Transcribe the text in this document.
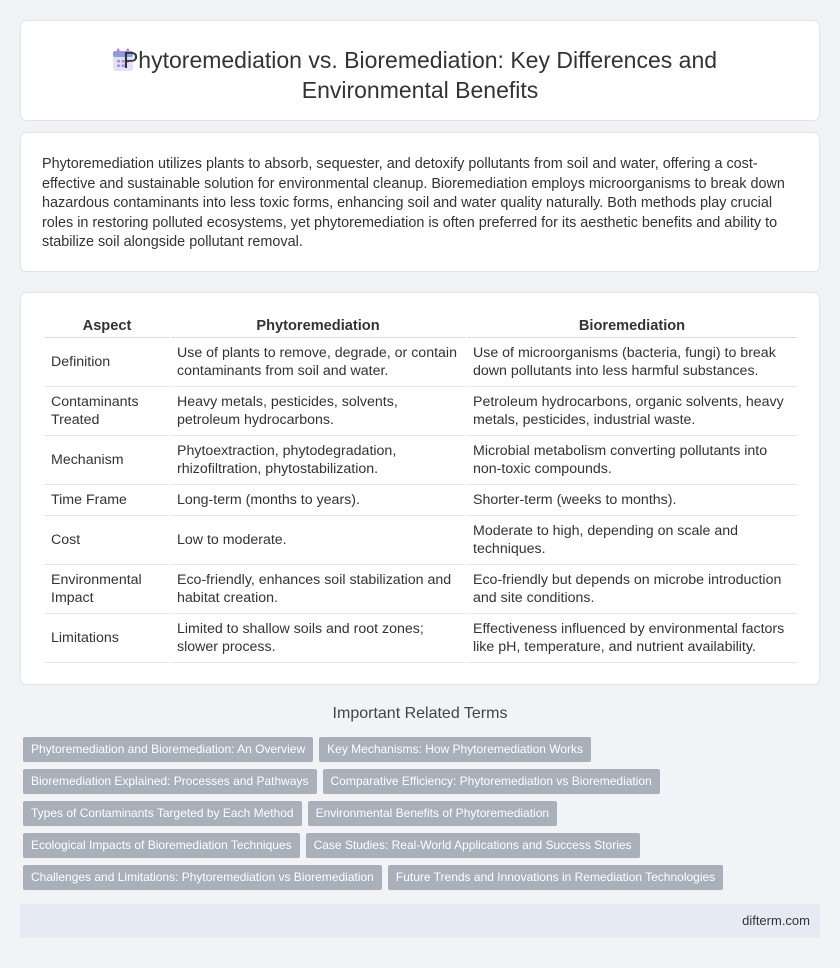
Phytoremediation vs. Bioremediation: Key Differences and Environmental Benefits

Phytoremediation utilizes plants to absorb, sequester, and detoxify pollutants from soil and water, offering a cost-effective and sustainable solution for environmental cleanup. Bioremediation employs microorganisms to break down hazardous contaminants into less toxic forms, enhancing soil and water quality naturally. Both methods play crucial roles in restoring polluted ecosystems, yet phytoremediation is often preferred for its aesthetic benefits and ability to stabilize soil alongside pollutant removal.

Aspect	Phytoremediation	Bioremediation
Definition	Use of plants to remove, degrade, or contain contaminants from soil and water.	Use of microorganisms (bacteria, fungi) to break down pollutants into less harmful substances.
Contaminants Treated	Heavy metals, pesticides, solvents, petroleum hydrocarbons.	Petroleum hydrocarbons, organic solvents, heavy metals, pesticides, industrial waste.
Mechanism	Phytoextraction, phytodegradation, rhizofiltration, phytostabilization.	Microbial metabolism converting pollutants into non-toxic compounds.
Time Frame	Long-term (months to years).	Shorter-term (weeks to months).
Cost	Low to moderate.	Moderate to high, depending on scale and techniques.
Environmental Impact	Eco-friendly, enhances soil stabilization and habitat creation.	Eco-friendly but depends on microbe introduction and site conditions.
Limitations	Limited to shallow soils and root zones; slower process.	Effectiveness influenced by environmental factors like pH, temperature, and nutrient availability.
Important Related Terms
Phytoremediation and Bioremediation: An Overview Key Mechanisms: How Phytoremediation Works
Bioremediation Explained: Processes and Pathways Comparative Efficiency: Phytoremediation vs Bioremediation
Types of Contaminants Targeted by Each Method Environmental Benefits of Phytoremediation
Ecological Impacts of Bioremediation Techniques Case Studies: Real-World Applications and Success Stories
Challenges and Limitations: Phytoremediation vs Bioremediation Future Trends and Innovations in Remediation Technologies
difterm.com
